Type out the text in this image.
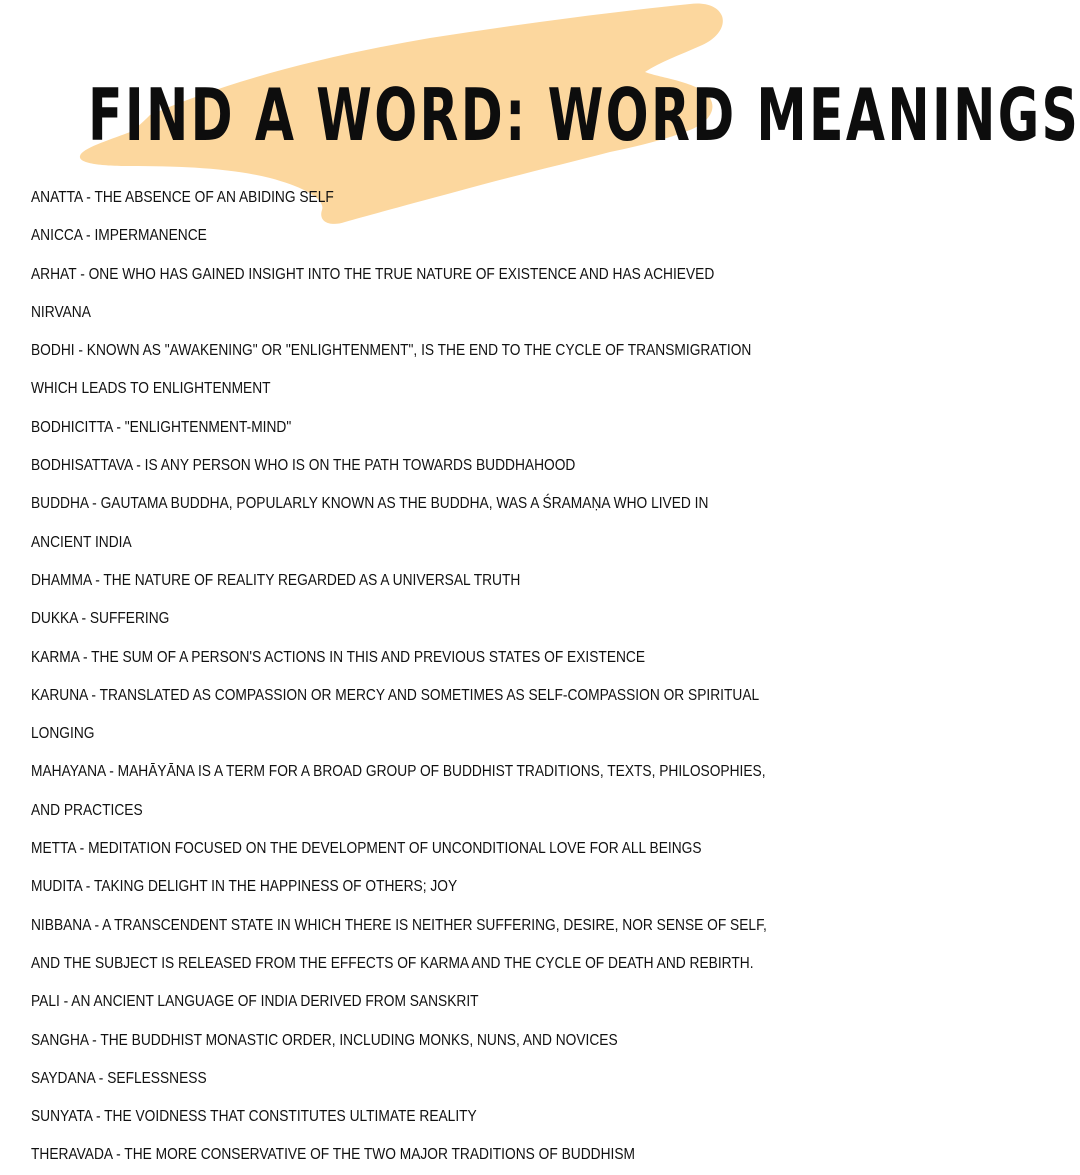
FIND A WORD: WORD MEANINGS
ANATTA - THE ABSENCE OF AN ABIDING SELF
ANICCA - IMPERMANENCE
ARHAT - ONE WHO HAS GAINED INSIGHT INTO THE TRUE NATURE OF EXISTENCE AND HAS ACHIEVED NIRVANA
BODHI - KNOWN AS "AWAKENING" OR "ENLIGHTENMENT", IS THE END TO THE CYCLE OF TRANSMIGRATION WHICH LEADS TO ENLIGHTENMENT
BODHICITTA - "ENLIGHTENMENT-MIND"
BODHISATTAVA - IS ANY PERSON WHO IS ON THE PATH TOWARDS BUDDHAHOOD
BUDDHA - GAUTAMA BUDDHA, POPULARLY KNOWN AS THE BUDDHA, WAS A ŚRAMAṆA WHO LIVED IN ANCIENT INDIA
DHAMMA - THE NATURE OF REALITY REGARDED AS A UNIVERSAL TRUTH
DUKKA - SUFFERING
KARMA - THE SUM OF A PERSON'S ACTIONS IN THIS AND PREVIOUS STATES OF EXISTENCE
KARUNA - TRANSLATED AS COMPASSION OR MERCY AND SOMETIMES AS SELF-COMPASSION OR SPIRITUAL LONGING
MAHAYANA - MAHĀYĀNA IS A TERM FOR A BROAD GROUP OF BUDDHIST TRADITIONS, TEXTS, PHILOSOPHIES, AND PRACTICES
METTA - MEDITATION FOCUSED ON THE DEVELOPMENT OF UNCONDITIONAL LOVE FOR ALL BEINGS
MUDITA - TAKING DELIGHT IN THE HAPPINESS OF OTHERS; JOY
NIBBANA - A TRANSCENDENT STATE IN WHICH THERE IS NEITHER SUFFERING, DESIRE, NOR SENSE OF SELF, AND THE SUBJECT IS RELEASED FROM THE EFFECTS OF KARMA AND THE CYCLE OF DEATH AND REBIRTH.
PALI - AN ANCIENT LANGUAGE OF INDIA DERIVED FROM SANSKRIT
SANGHA - THE BUDDHIST MONASTIC ORDER, INCLUDING MONKS, NUNS, AND NOVICES
SAYDANA - SEFLESSNESS
SUNYATA - THE VOIDNESS THAT CONSTITUTES ULTIMATE REALITY
THERAVADA - THE MORE CONSERVATIVE OF THE TWO MAJOR TRADITIONS OF BUDDHISM
